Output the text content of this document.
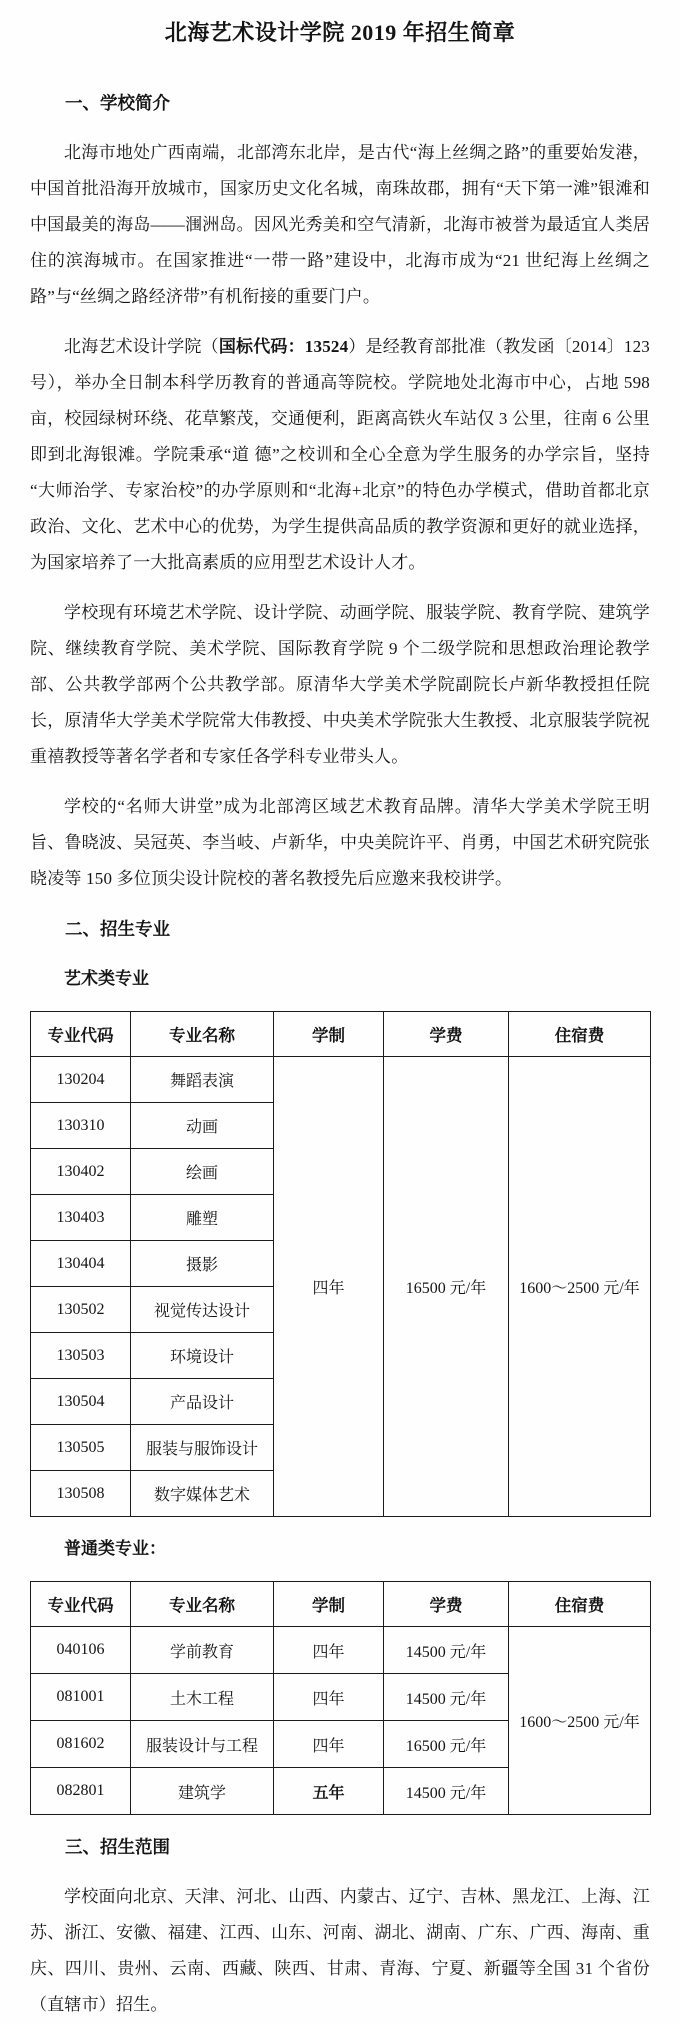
北海艺术设计学院 2019 年招生简章
一、学校简介

北海市地处广西南端，北部湾东北岸，是古代“海上丝绸之路”的重要始发港，中国首批沿海开放城市，国家历史文化名城，南珠故郡，拥有“天下第一滩”银滩和中国最美的海岛——涠洲岛。因风光秀美和空气清新，北海市被誉为最适宜人类居住的滨海城市。在国家推进“一带一路”建设中，北海市成为“21 世纪海上丝绸之路”与“丝绸之路经济带”有机衔接的重要门户。

北海艺术设计学院（国标代码：13524）是经教育部批准（教发函〔2014〕123 号），举办全日制本科学历教育的普通高等院校。学院地处北海市中心，占地 598 亩，校园绿树环绕、花草繁茂，交通便利，距离高铁火车站仅 3 公里，往南 6 公里即到北海银滩。学院秉承“道 德”之校训和全心全意为学生服务的办学宗旨，坚持“大师治学、专家治校”的办学原则和“北海+北京”的特色办学模式，借助首都北京政治、文化、艺术中心的优势，为学生提供高品质的教学资源和更好的就业选择，为国家培养了一大批高素质的应用型艺术设计人才。

学校现有环境艺术学院、设计学院、动画学院、服装学院、教育学院、建筑学院、继续教育学院、美术学院、国际教育学院 9 个二级学院和思想政治理论教学部、公共教学部两个公共教学部。原清华大学美术学院副院长卢新华教授担任院长，原清华大学美术学院常大伟教授、中央美术学院张大生教授、北京服装学院祝重禧教授等著名学者和专家任各学科专业带头人。

学校的“名师大讲堂”成为北部湾区域艺术教育品牌。清华大学美术学院王明旨、鲁晓波、吴冠英、李当岐、卢新华，中央美院许平、肖勇，中国艺术研究院张晓凌等 150 多位顶尖设计院校的著名教授先后应邀来我校讲学。

二、招生专业
艺术类专业
专业代码	专业名称	学制	学费	住宿费
130204	舞蹈表演	四年	16500 元/年	1600～2500 元/年
130310	动画			
130402	绘画			
130403	雕塑			
130404	摄影			
130502	视觉传达设计			
130503	环境设计			
130504	产品设计			
130505	服装与服饰设计			
130508	数字媒体艺术			
普通类专业：
专业代码	专业名称	学制	学费	住宿费
040106	学前教育	四年	14500 元/年	1600～2500 元/年
081001	土木工程	四年	14500 元/年	
081602	服装设计与工程	四年	16500 元/年	
082801	建筑学	五年	14500 元/年	
三、招生范围

学校面向北京、天津、河北、山西、内蒙古、辽宁、吉林、黑龙江、上海、江苏、浙江、安徽、福建、江西、山东、河南、湖北、湖南、广东、广西、海南、重庆、四川、贵州、云南、西藏、陕西、甘肃、青海、宁夏、新疆等全国 31 个省份（直辖市）招生。
